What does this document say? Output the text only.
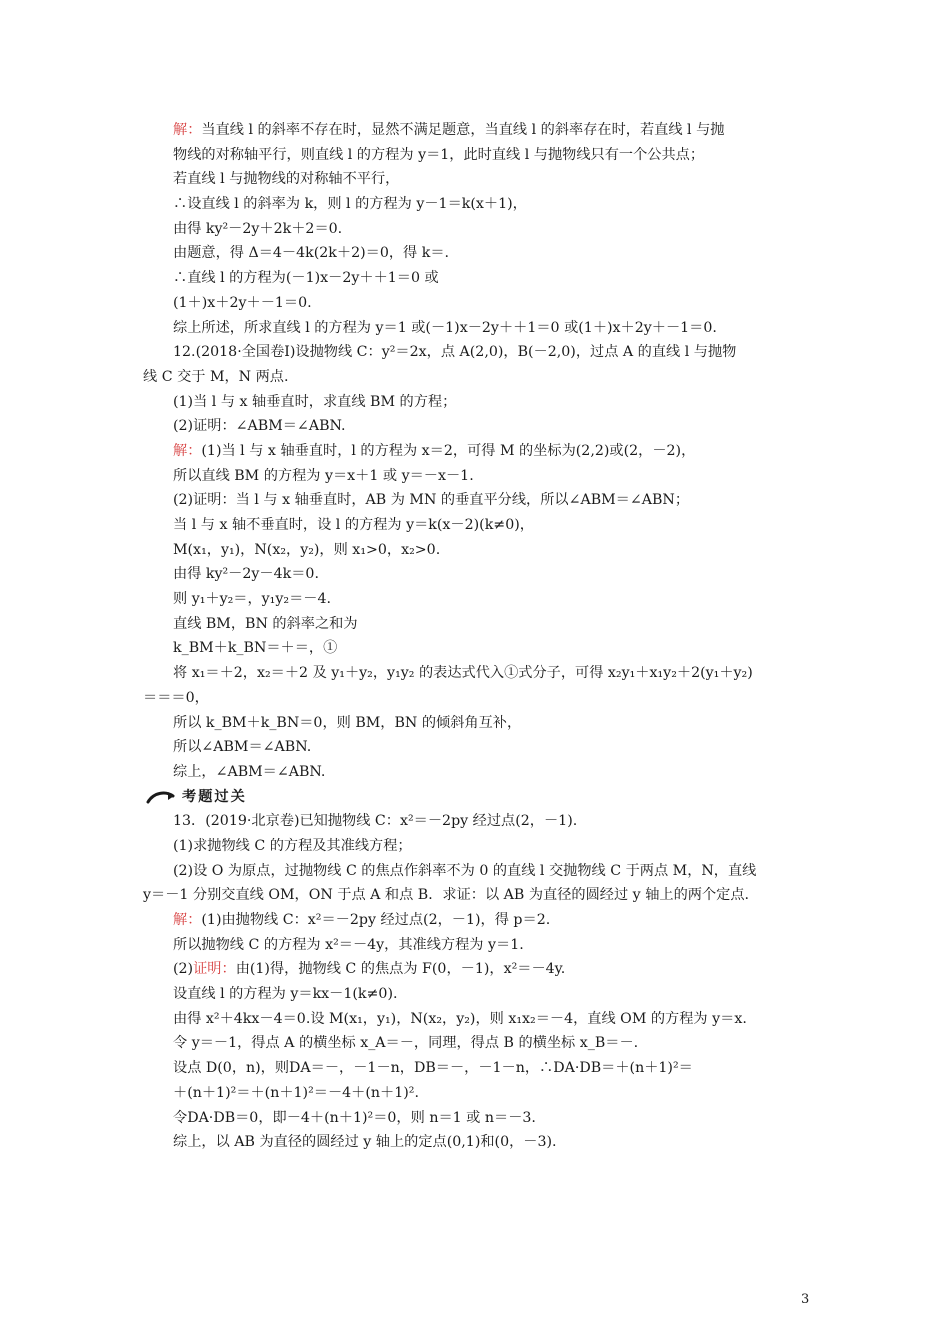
解：当直线 l 的斜率不存在时，显然不满足题意，当直线 l 的斜率存在时，若直线 l 与抛
物线的对称轴平行，则直线 l 的方程为 y＝1，此时直线 l 与抛物线只有一个公共点；
若直线 l 与抛物线的对称轴不平行，
∴设直线 l 的斜率为 k，则 l 的方程为 y－1＝k(x＋1)，
由得 ky²－2y＋2k＋2＝0.
由题意，得 Δ＝4－4k(2k＋2)＝0，得 k＝.
∴直线 l 的方程为(－1)x－2y＋＋1＝0 或
(1＋)x＋2y＋－1＝0.
综上所述，所求直线 l 的方程为 y＝1 或(－1)x－2y＋＋1＝0 或(1＋)x＋2y＋－1＝0.
12.(2018·全国卷Ⅰ)设抛物线 C：y²＝2x，点 A(2,0)，B(－2,0)，过点 A 的直线 l 与抛物
线 C 交于 M，N 两点.
(1)当 l 与 x 轴垂直时，求直线 BM 的方程；
(2)证明：∠ABM＝∠ABN.
解：(1)当 l 与 x 轴垂直时，l 的方程为 x＝2，可得 M 的坐标为(2,2)或(2，－2)，
所以直线 BM 的方程为 y＝x＋1 或 y＝－x－1.
(2)证明：当 l 与 x 轴垂直时，AB 为 MN 的垂直平分线，所以∠ABM＝∠ABN；
当 l 与 x 轴不垂直时，设 l 的方程为 y＝k(x－2)(k≠0)，
M(x₁，y₁)，N(x₂，y₂)，则 x₁>0，x₂>0.
由得 ky²－2y－4k＝0.
则 y₁＋y₂＝，y₁y₂＝－4.
直线 BM，BN 的斜率之和为
k_BM＋k_BN＝＋＝，①
将 x₁＝＋2，x₂＝＋2 及 y₁＋y₂，y₁y₂ 的表达式代入①式分子，可得 x₂y₁＋x₁y₂＋2(y₁＋y₂)
＝＝＝0，
所以 k_BM＋k_BN＝0，则 BM，BN 的倾斜角互补，
所以∠ABM＝∠ABN.
综上，∠ABM＝∠ABN.
考题过关
13．(2019·北京卷)已知抛物线 C：x²＝－2py 经过点(2，－1).
(1)求抛物线 C 的方程及其准线方程；
(2)设 O 为原点，过抛物线 C 的焦点作斜率不为 0 的直线 l 交抛物线 C 于两点 M，N，直线
y＝－1 分别交直线 OM，ON 于点 A 和点 B．求证：以 AB 为直径的圆经过 y 轴上的两个定点.
解：(1)由抛物线 C：x²＝－2py 经过点(2，－1)，得 p＝2.
所以抛物线 C 的方程为 x²＝－4y，其准线方程为 y＝1.
(2)证明：由(1)得，抛物线 C 的焦点为 F(0，－1)，x²＝－4y.
设直线 l 的方程为 y＝kx－1(k≠0).
由得 x²＋4kx－4＝0.设 M(x₁，y₁)，N(x₂，y₂)，则 x₁x₂＝－4，直线 OM 的方程为 y＝x.
令 y＝－1，得点 A 的横坐标 x_A＝－，同理，得点 B 的横坐标 x_B＝－.
设点 D(0，n)，则DA＝－，－1－n，DB＝－，－1－n，∴DA·DB＝＋(n＋1)²＝
＋(n＋1)²＝＋(n＋1)²＝－4＋(n＋1)².
令DA·DB＝0，即－4＋(n＋1)²＝0，则 n＝1 或 n＝－3.
综上，以 AB 为直径的圆经过 y 轴上的定点(0,1)和(0，－3).
3
